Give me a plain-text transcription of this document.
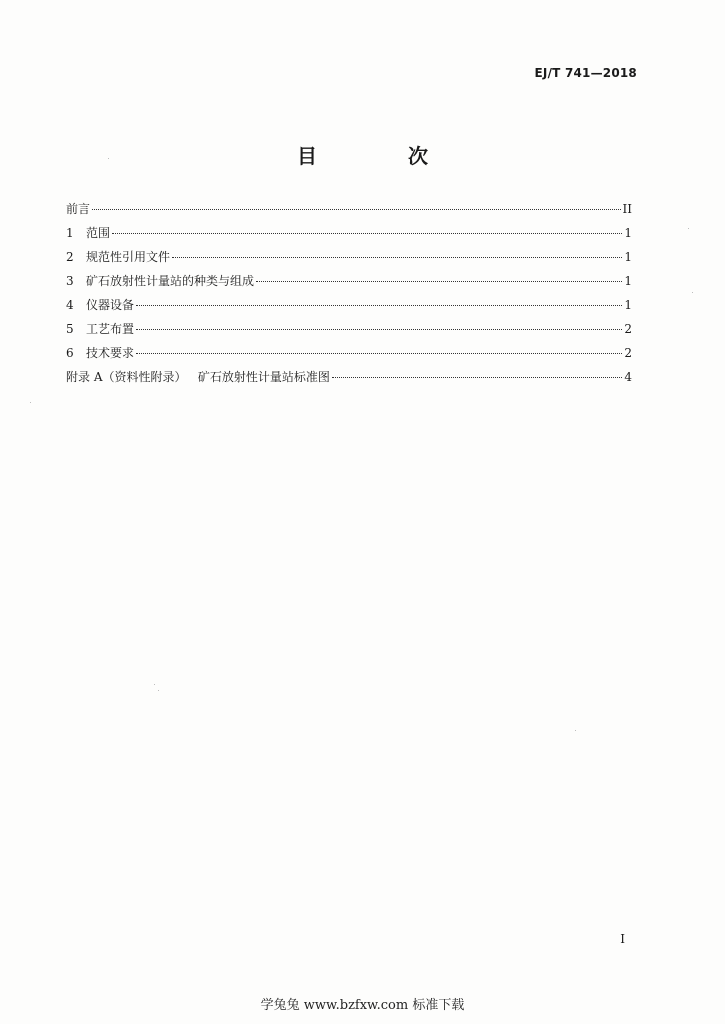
EJ/T 741—2018
目 次
前言	II
1	范围	1
2	规范性引用文件	1
3	矿石放射性计量站的种类与组成	1
4	仪器设备	1
5	工艺布置	2
6	技术要求	2
附录 A（资料性附录）   矿石放射性计量站标准图	4
I
学兔兔 www.bzfxw.com 标准下载
